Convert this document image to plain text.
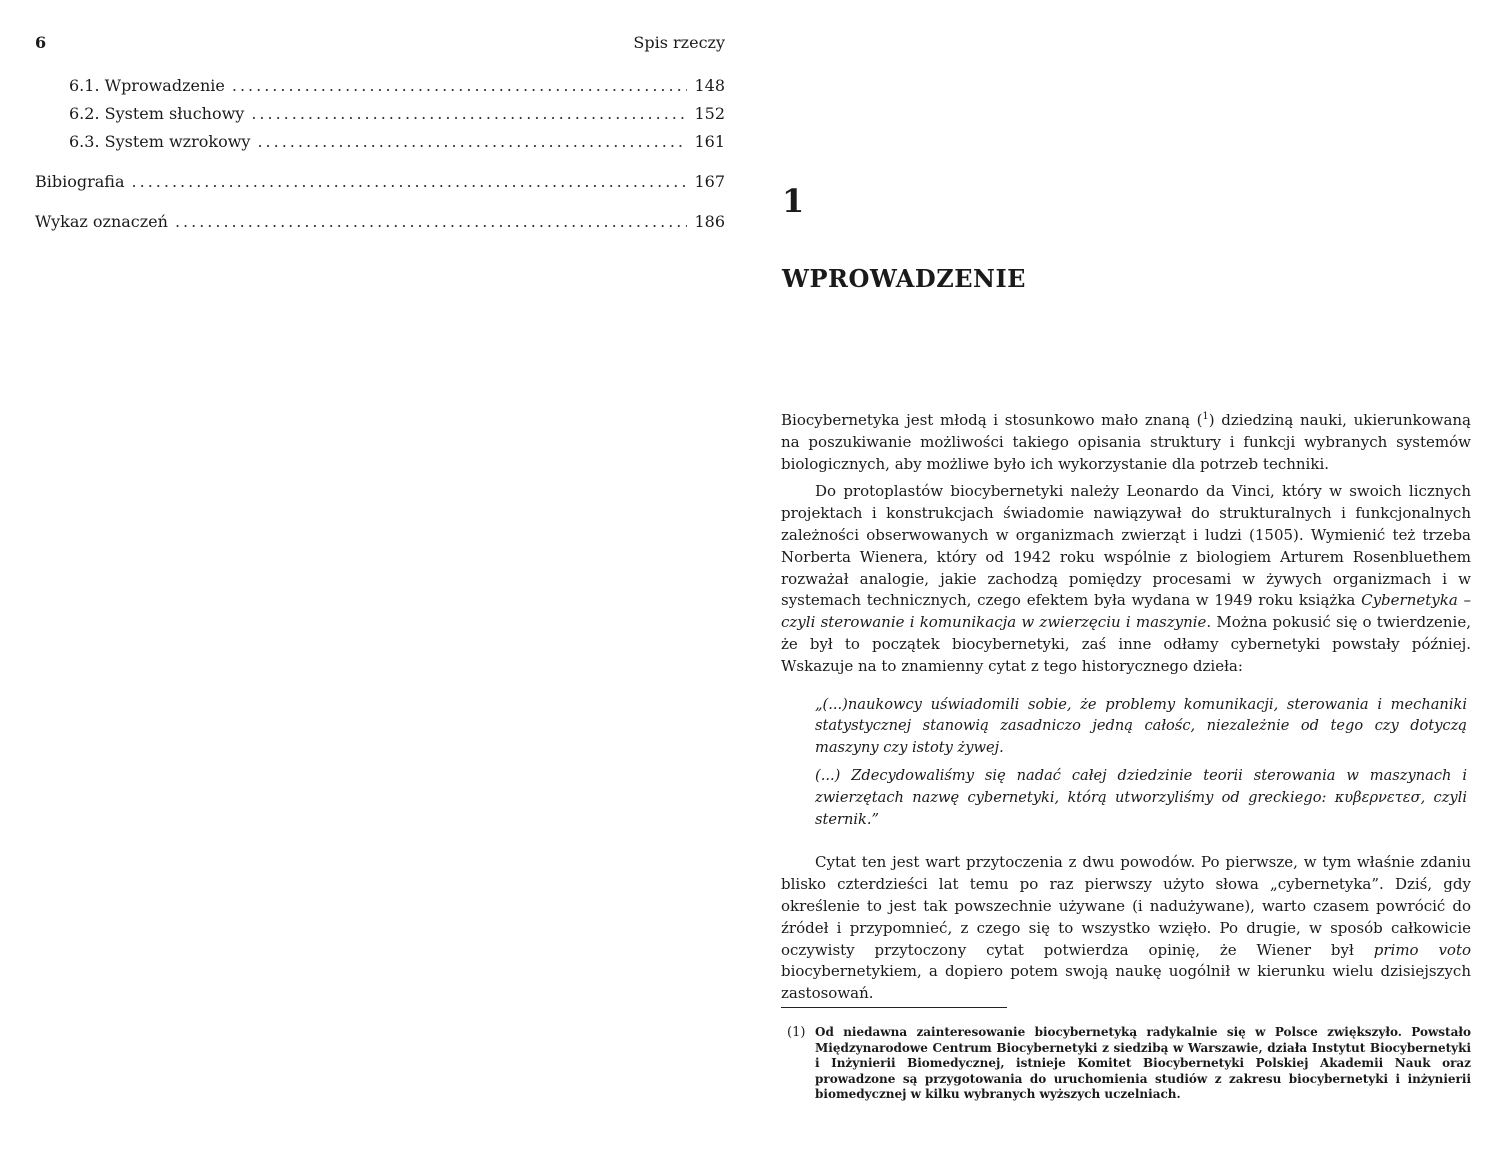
6	Spis rzeczy
6.1. Wprowadzenie .....	148
6.2. System słuchowy .....	152
6.3. System wzrokowy .....	161
Bibiografia .....	167
Wykaz oznaczeń .....	186
1
WPROWADZENIE

Biocybernetyka jest młodą i stosunkowo mało znaną ($^1$) dziedziną nauki, ukierunkowaną na poszukiwanie możliwości takiego opisania struktury i funkcji wybranych systemów biologicznych, aby możliwe było ich wykorzystanie dla potrzeb techniki.

Do protoplastów biocybernetyki należy Leonardo da Vinci, który w swoich licznych projektach i konstrukcjach świadomie nawiązywał do strukturalnych i funkcjonalnych zależności obserwowanych w organizmach zwierząt i ludzi (1505). Wymienić też trzeba Norberta Wienera, który od 1942 roku wspólnie z biologiem Arturem Rosenbluethem rozważał analogie, jakie zachodzą pomiędzy procesami w żywych organizmach i w systemach technicznych, czego efektem była wydana w 1949 roku książka Cybernetyka – czyli sterowanie i komunikacja w zwierzęciu i maszynie. Można pokusić się o twierdzenie, że był to początek biocybernetyki, zaś inne odłamy cybernetyki powstały później. Wskazuje na to znamienny cytat z tego historycznego dzieła:

„(...)naukowcy uświadomili sobie, że problemy komunikacji, sterowania i mechaniki statystycznej stanowią zasadniczo jedną całośc, niezależnie od tego czy dotyczą maszyny czy istoty żywej.

(...) Zdecydowaliśmy się nadać całej dziedzinie teorii sterowania w maszynach i zwierzętach nazwę cybernetyki, którą utworzyliśmy od greckiego: κυβερνετεσ, czyli sternik.”

Cytat ten jest wart przytoczenia z dwu powodów. Po pierwsze, w tym właśnie zdaniu blisko czterdzieści lat temu po raz pierwszy użyto słowa „cybernetyka”. Dziś, gdy określenie to jest tak powszechnie używane (i nadużywane), warto czasem powrócić do źródeł i przypomnieć, z czego się to wszystko wzięło. Po drugie, w sposób całkowicie oczywisty przytoczony cytat potwierdza opinię, że Wiener był primo voto biocybernetykiem, a dopiero potem swoją naukę uogólnił w kierunku wielu dzisiejszych zastosowań.

(1) Od niedawna zainteresowanie biocybernetyką radykalnie się w Polsce zwiększyło. Powstało Międzynarodowe Centrum Biocybernetyki z siedzibą w Warszawie, działa Instytut Biocybernetyki i Inżynierii Biomedycznej, istnieje Komitet Biocybernetyki Polskiej Akademii Nauk oraz prowadzone są przygotowania do uruchomienia studiów z zakresu biocybernetyki i inżynierii biomedycznej w kilku wybranych wyższych uczelniach.
